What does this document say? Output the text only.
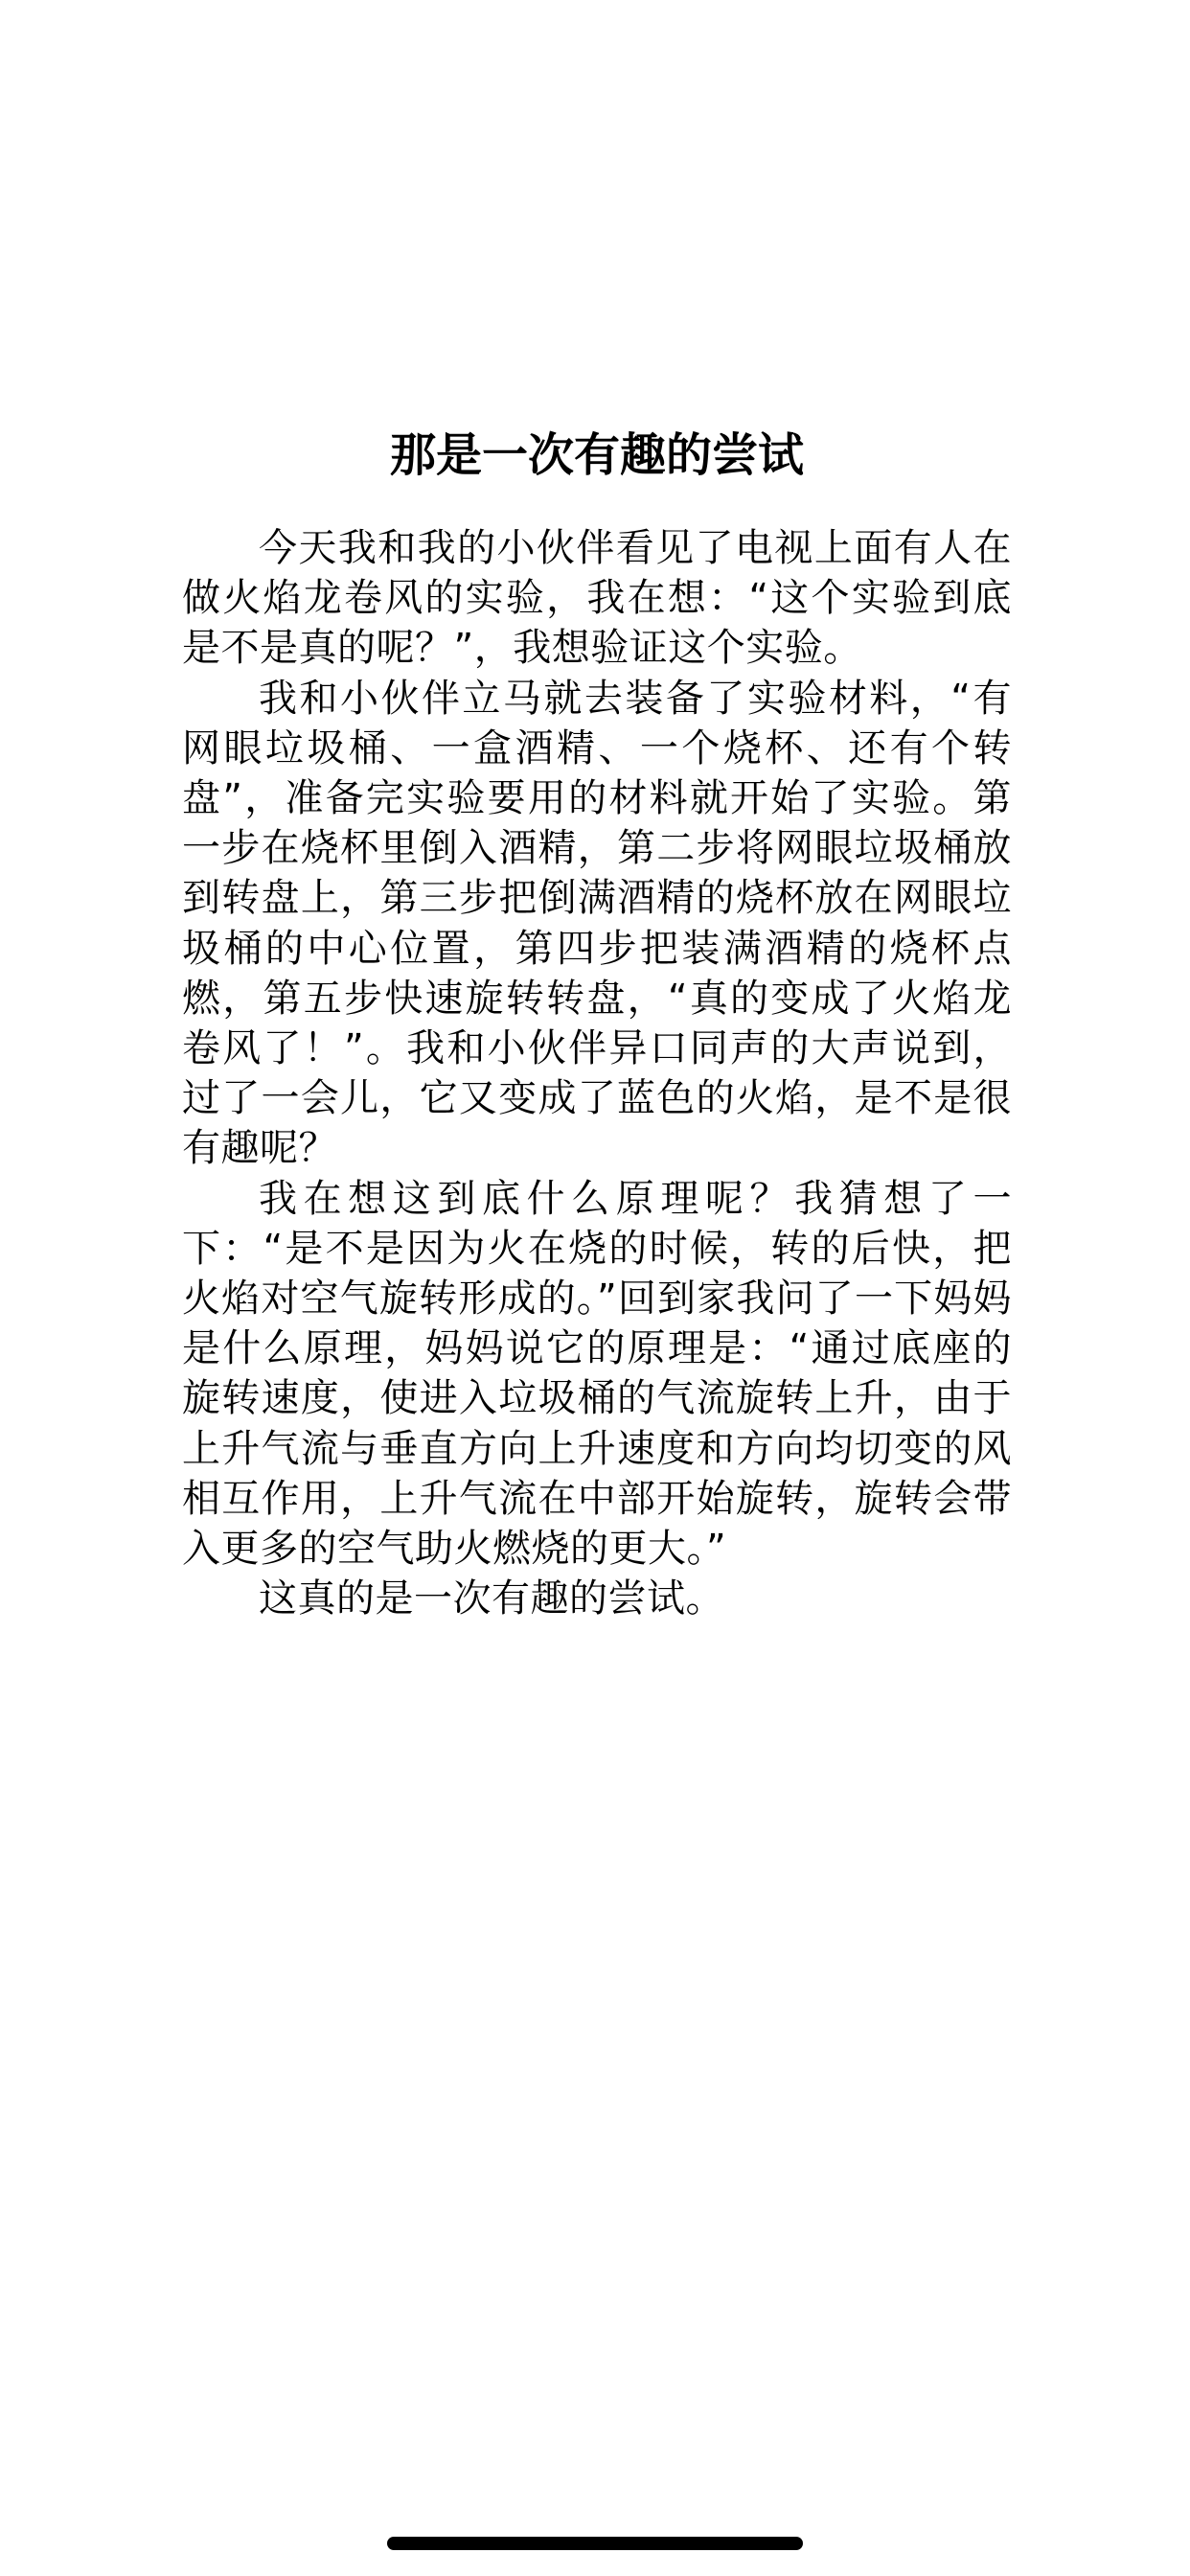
那是一次有趣的尝试

今天我和我的小伙伴看见了电视上面有人在做火焰龙卷风的实验，我在想：“这个实验到底是不是真的呢？”，我想验证这个实验。

我和小伙伴立马就去装备了实验材料，“有网眼垃圾桶、一盒酒精、一个烧杯、还有个转盘”，准备完实验要用的材料就开始了实验。第一步在烧杯里倒入酒精，第二步将网眼垃圾桶放到转盘上，第三步把倒满酒精的烧杯放在网眼垃圾桶的中心位置，第四步把装满酒精的烧杯点燃，第五步快速旋转转盘，“真的变成了火焰龙卷风了！”。我和小伙伴异口同声的大声说到，过了一会儿，它又变成了蓝色的火焰，是不是很有趣呢？

我在想这到底什么原理呢？我猜想了一下：“是不是因为火在烧的时候，转的后快，把火焰对空气旋转形成的。”回到家我问了一下妈妈是什么原理，妈妈说它的原理是：“通过底座的旋转速度，使进入垃圾桶的气流旋转上升，由于上升气流与垂直方向上升速度和方向均切变的风相互作用，上升气流在中部开始旋转，旋转会带入更多的空气助火燃烧的更大。”

这真的是一次有趣的尝试。
